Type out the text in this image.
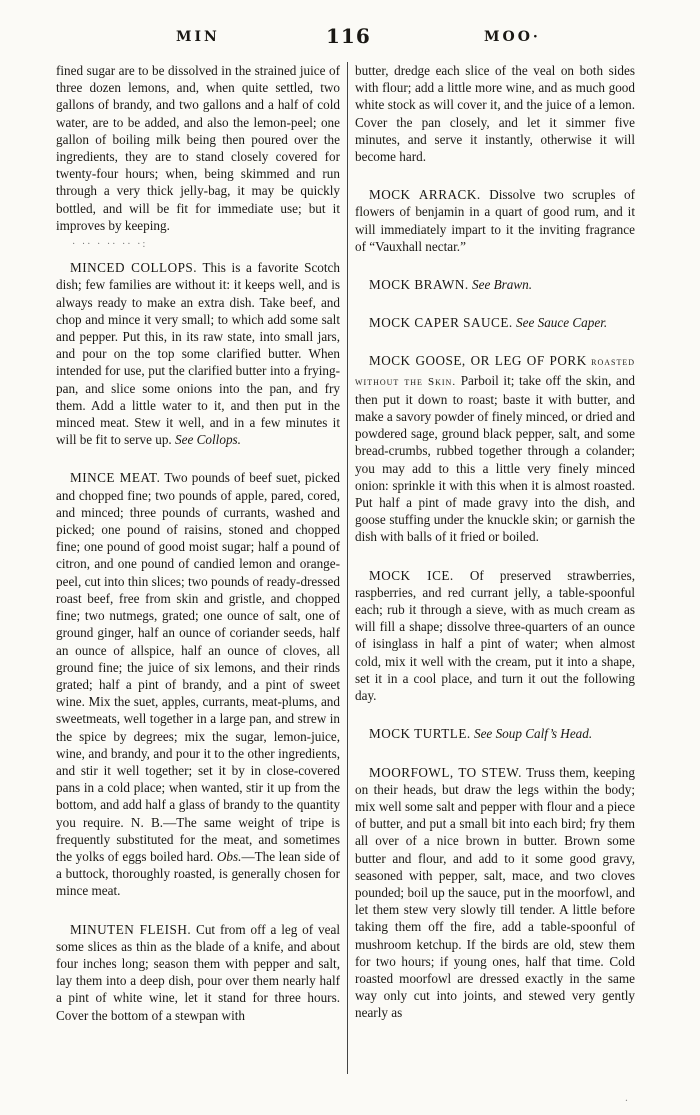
MIN	116	MOO·

fined sugar are to be dissolved in the strained juice of three dozen lemons, and, when quite settled, two gallons of brandy, and two gallons and a half of cold water, are to be added, and also the lemon-peel; one gallon of boiling milk being then poured over the ingredients, they are to stand closely covered for twenty-four hours; when, being skimmed and run through a very thick jelly-bag, it may be quickly bottled, and will be fit for immediate use; but it improves by keeping.

· ·· · ·· ·· ·:

MINCED COLLOPS. This is a favorite Scotch dish; few families are without it: it keeps well, and is always ready to make an extra dish. Take beef, and chop and mince it very small; to which add some salt and pepper. Put this, in its raw state, into small jars, and pour on the top some clarified butter. When intended for use, put the clarified butter into a frying-pan, and slice some onions into the pan, and fry them. Add a little water to it, and then put in the minced meat. Stew it well, and in a few minutes it will be fit to serve up. See Collops.

MINCE MEAT. Two pounds of beef suet, picked and chopped fine; two pounds of apple, pared, cored, and minced; three pounds of currants, washed and picked; one pound of raisins, stoned and chopped fine; one pound of good moist sugar; half a pound of citron, and one pound of candied lemon and orange-peel, cut into thin slices; two pounds of ready-dressed roast beef, free from skin and gristle, and chopped fine; two nutmegs, grated; one ounce of salt, one of ground ginger, half an ounce of coriander seeds, half an ounce of allspice, half an ounce of cloves, all ground fine; the juice of six lemons, and their rinds grated; half a pint of brandy, and a pint of sweet wine. Mix the suet, apples, currants, meat-plums, and sweetmeats, well together in a large pan, and strew in the spice by degrees; mix the sugar, lemon-juice, wine, and brandy, and pour it to the other ingredients, and stir it well together; set it by in close-covered pans in a cold place; when wanted, stir it up from the bottom, and add half a glass of brandy to the quantity you require. N. B.—The same weight of tripe is frequently substituted for the meat, and sometimes the yolks of eggs boiled hard. Obs.—The lean side of a buttock, thoroughly roasted, is generally chosen for mince meat.

MINUTEN FLEISH. Cut from off a leg of veal some slices as thin as the blade of a knife, and about four inches long; season them with pepper and salt, lay them into a deep dish, pour over them nearly half a pint of white wine, let it stand for three hours. Cover the bottom of a stewpan with

butter, dredge each slice of the veal on both sides with flour; add a little more wine, and as much good white stock as will cover it, and the juice of a lemon. Cover the pan closely, and let it simmer five minutes, and serve it instantly, otherwise it will become hard.

MOCK ARRACK. Dissolve two scruples of flowers of benjamin in a quart of good rum, and it will immediately impart to it the inviting fragrance of “Vauxhall nectar.”

MOCK BRAWN. See Brawn.

MOCK CAPER SAUCE. See Sauce Caper.

MOCK GOOSE, OR LEG OF PORK roasted without the Skin. Parboil it; take off the skin, and then put it down to roast; baste it with butter, and make a savory powder of finely minced, or dried and powdered sage, ground black pepper, salt, and some bread-crumbs, rubbed together through a colander; you may add to this a little very finely minced onion: sprinkle it with this when it is almost roasted. Put half a pint of made gravy into the dish, and goose stuffing under the knuckle skin; or garnish the dish with balls of it fried or boiled.

MOCK ICE. Of preserved strawberries, raspberries, and red currant jelly, a table-spoonful each; rub it through a sieve, with as much cream as will fill a shape; dissolve three-quarters of an ounce of isinglass in half a pint of water; when almost cold, mix it well with the cream, put it into a shape, set it in a cool place, and turn it out the following day.

MOCK TURTLE. See Soup Calf’s Head.

MOORFOWL, TO STEW. Truss them, keeping on their heads, but draw the legs within the body; mix well some salt and pepper with flour and a piece of butter, and put a small bit into each bird; fry them all over of a nice brown in butter. Brown some butter and flour, and add to it some good gravy, seasoned with pepper, salt, mace, and two cloves pounded; boil up the sauce, put in the moorfowl, and let them stew very slowly till tender. A little before taking them off the fire, add a table-spoonful of mushroom ketchup. If the birds are old, stew them for two hours; if young ones, half that time. Cold roasted moorfowl are dressed exactly in the same way only cut into joints, and stewed very gently nearly as

·
